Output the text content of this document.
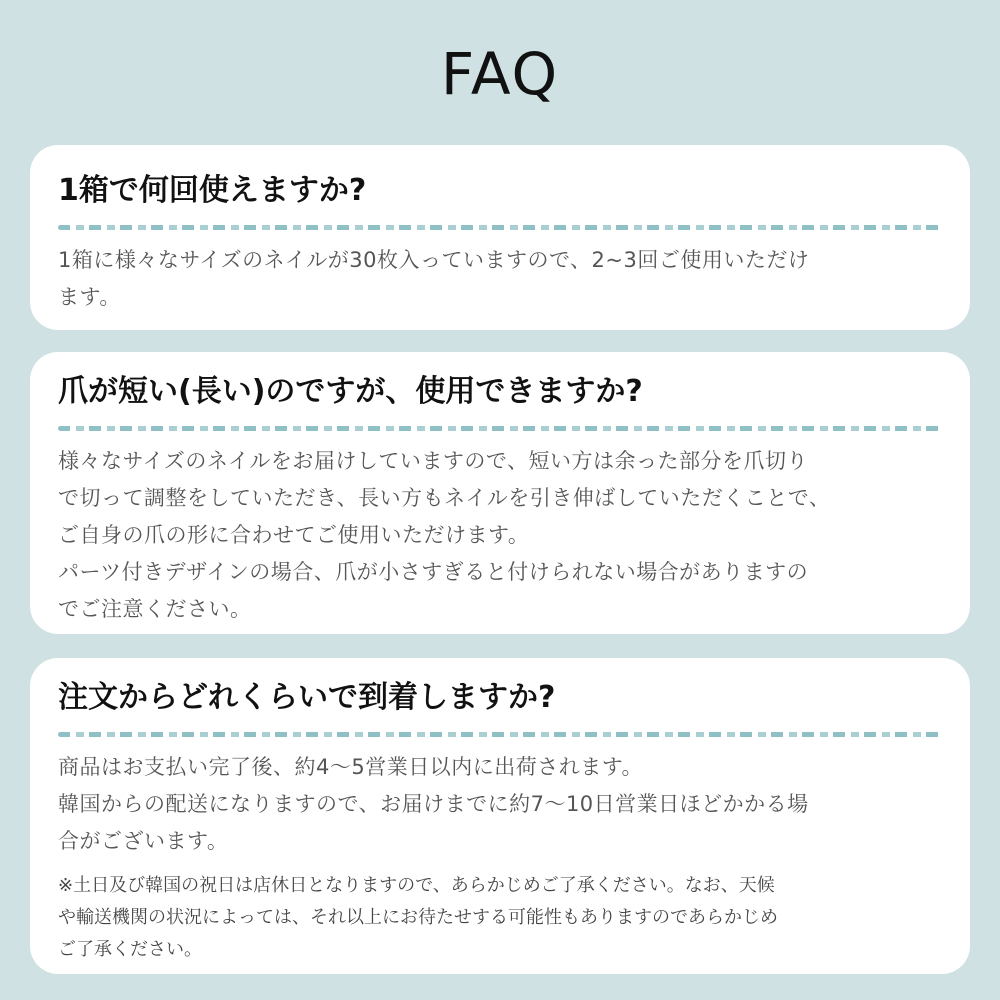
FAQ
1箱で何回使えますか?

1箱に様々なサイズのネイルが30枚入っていますので、2~3回ご使用いただけ

ます。

爪が短い(長い)のですが、使用できますか?

様々なサイズのネイルをお届けしていますので、短い方は余った部分を爪切り

で切って調整をしていただき、長い方もネイルを引き伸ばしていただくことで、

ご自身の爪の形に合わせてご使用いただけます。

パーツ付きデザインの場合、爪が小さすぎると付けられない場合がありますの

でご注意ください。

注文からどれくらいで到着しますか?

商品はお支払い完了後、約4〜5営業日以内に出荷されます。

韓国からの配送になりますので、お届けまでに約7〜10日営業日ほどかかる場

合がございます。

※土日及び韓国の祝日は店休日となりますので、あらかじめご了承ください。なお、天候

や輸送機関の状況によっては、それ以上にお待たせする可能性もありますのであらかじめ

ご了承ください。
